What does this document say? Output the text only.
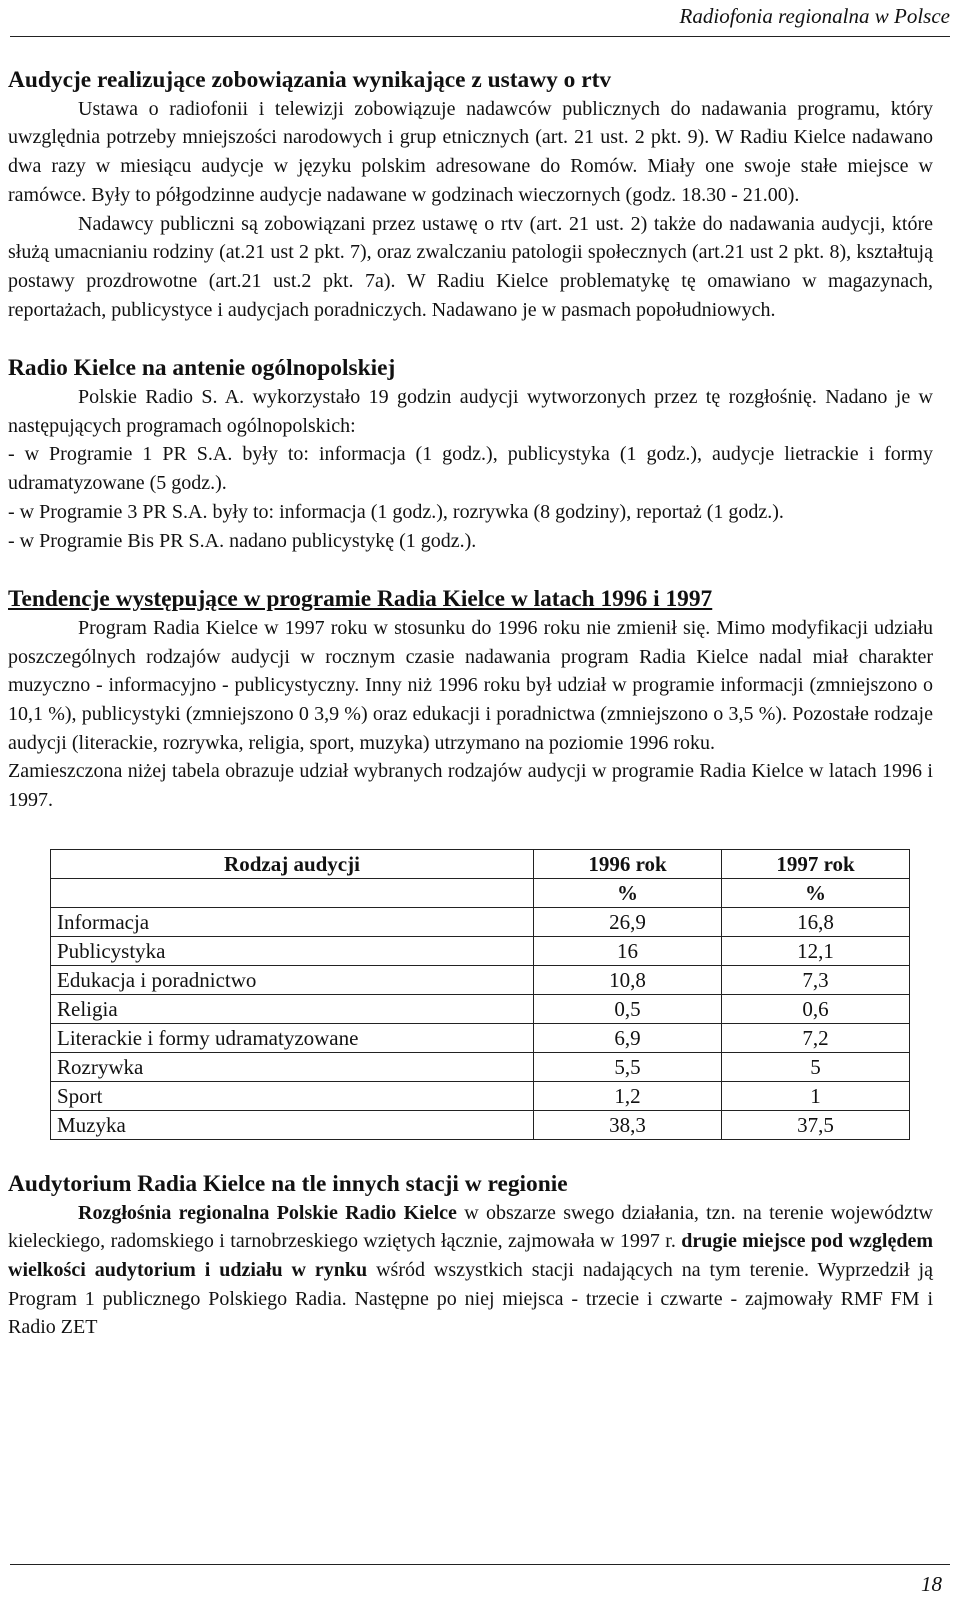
Radiofonia regionalna w Polsce
Audycje realizujące zobowiązania wynikające z ustawy o rtv

Ustawa o radiofonii i telewizji zobowiązuje nadawców publicznych do nadawania programu, który uwzględnia potrzeby mniejszości narodowych i grup etnicznych (art. 21 ust. 2 pkt. 9). W Radiu Kielce nadawano dwa razy w miesiącu audycje w języku polskim adresowane do Romów. Miały one swoje stałe miejsce w ramówce. Były to półgodzinne audycje nadawane w godzinach wieczornych (godz. 18.30 - 21.00).

Nadawcy publiczni są zobowiązani przez ustawę o rtv (art. 21 ust. 2) także do nadawania audycji, które służą umacnianiu rodziny (at.21 ust 2 pkt. 7), oraz zwalczaniu patologii społecznych (art.21 ust 2 pkt. 8), kształtują postawy prozdrowotne (art.21 ust.2 pkt. 7a). W Radiu Kielce problematykę tę omawiano w magazynach, reportażach, publicystyce i audycjach poradniczych. Nadawano je w pasmach popołudniowych.

Radio Kielce na antenie ogólnopolskiej

Polskie Radio S. A. wykorzystało 19 godzin audycji wytworzonych przez tę rozgłośnię. Nadano je w następujących programach ogólnopolskich:

- w Programie 1 PR S.A. były to: informacja (1 godz.), publicystyka (1 godz.), audycje lietrackie i formy udramatyzowane (5 godz.).

- w Programie 3 PR S.A. były to: informacja (1 godz.), rozrywka (8 godziny), reportaż (1 godz.).

- w Programie Bis PR S.A. nadano publicystykę (1 godz.).

Tendencje występujące w programie Radia Kielce w latach 1996 i 1997

Program Radia Kielce w 1997 roku w stosunku do 1996 roku nie zmienił się. Mimo modyfikacji udziału poszczególnych rodzajów audycji w rocznym czasie nadawania program Radia Kielce nadal miał charakter muzyczno - informacyjno - publicystyczny. Inny niż 1996 roku był udział w programie informacji (zmniejszono o 10,1 %), publicystyki (zmniejszono 0 3,9 %) oraz edukacji i poradnictwa (zmniejszono o 3,5 %). Pozostałe rodzaje audycji (literackie, rozrywka, religia, sport, muzyka) utrzymano na poziomie 1996 roku.

Zamieszczona niżej tabela obrazuje udział wybranych rodzajów audycji w programie Radia Kielce w latach 1996 i 1997.

Rodzaj audycji	1996 rok	1997 rok
	%	%
Informacja	26,9	16,8
Publicystyka	16	12,1
Edukacja i poradnictwo	10,8	7,3
Religia	0,5	0,6
Literackie i formy udramatyzowane	6,9	7,2
Rozrywka	5,5	5
Sport	1,2	1
Muzyka	38,3	37,5
Audytorium Radia Kielce na tle innych stacji w regionie

Rozgłośnia regionalna Polskie Radio Kielce w obszarze swego działania, tzn. na terenie województw kieleckiego, radomskiego i tarnobrzeskiego wziętych łącznie, zajmowała w 1997 r. drugie miejsce pod względem wielkości audytorium i udziału w rynku wśród wszystkich stacji nadających na tym terenie. Wyprzedził ją Program 1 publicznego Polskiego Radia. Następne po niej miejsca - trzecie i czwarte - zajmowały RMF FM i Radio ZET

18
